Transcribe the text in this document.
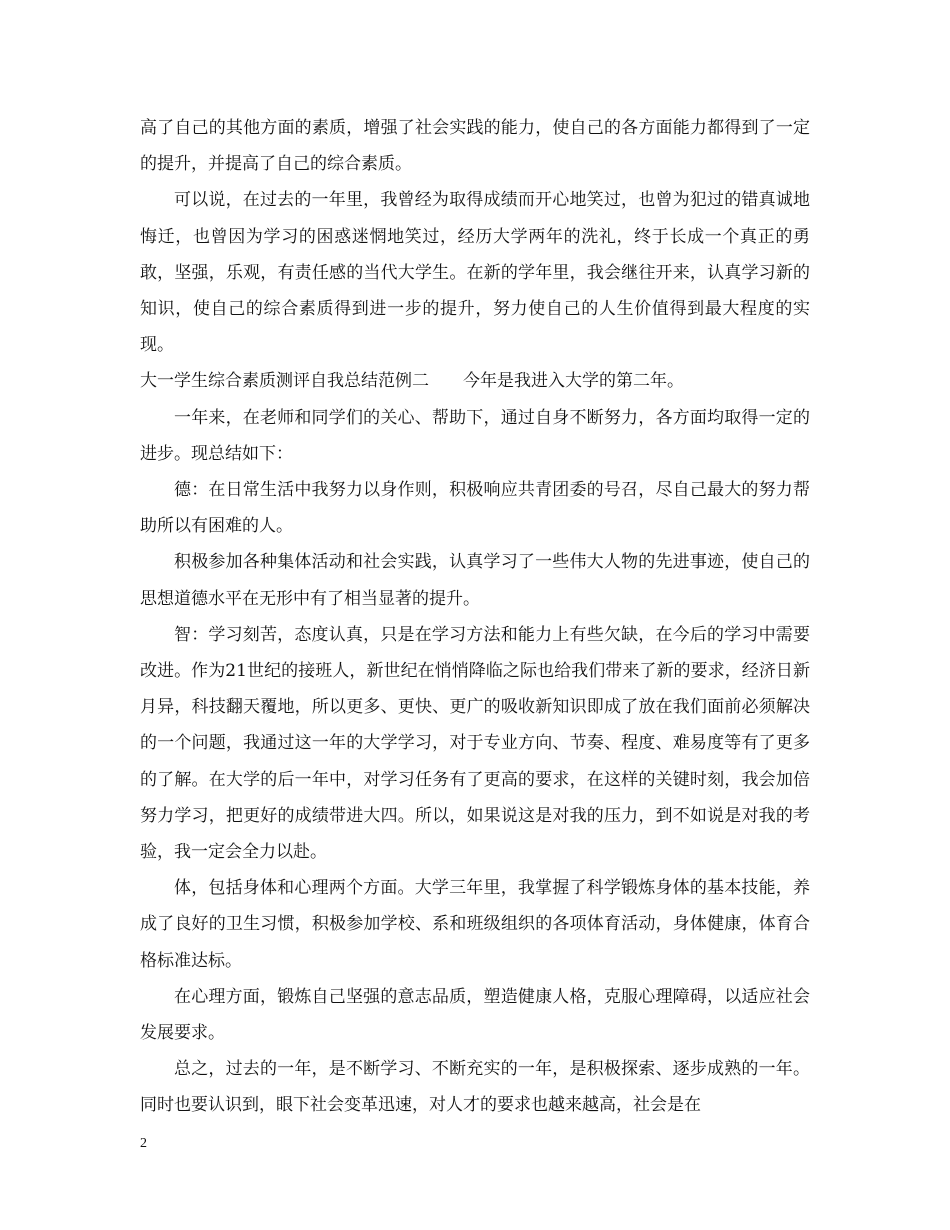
高了自己的其他方面的素质，增强了社会实践的能力，使自己的各方面能力都得到了一定的提升，并提高了自己的综合素质。

可以说，在过去的一年里，我曾经为取得成绩而开心地笑过，也曾为犯过的错真诚地悔迁，也曾因为学习的困惑迷惘地笑过，经历大学两年的洗礼，终于长成一个真正的勇敢，坚强，乐观，有责任感的当代大学生。在新的学年里，我会继往开来，认真学习新的知识，使自己的综合素质得到进一步的提升，努力使自己的人生价值得到最大程度的实现。

大一学生综合素质测评自我总结范例二　　今年是我进入大学的第二年。

一年来，在老师和同学们的关心、帮助下，通过自身不断努力，各方面均取得一定的进步。现总结如下：

德：在日常生活中我努力以身作则，积极响应共青团委的号召，尽自己最大的努力帮助所以有困难的人。

积极参加各种集体活动和社会实践，认真学习了一些伟大人物的先进事迹，使自己的思想道德水平在无形中有了相当显著的提升。

智：学习刻苦，态度认真，只是在学习方法和能力上有些欠缺，在今后的学习中需要改进。作为21世纪的接班人，新世纪在悄悄降临之际也给我们带来了新的要求，经济日新月异，科技翻天覆地，所以更多、更快、更广的吸收新知识即成了放在我们面前必须解决的一个问题，我通过这一年的大学学习，对于专业方向、节奏、程度、难易度等有了更多的了解。在大学的后一年中，对学习任务有了更高的要求，在这样的关键时刻，我会加倍努力学习，把更好的成绩带进大四。所以，如果说这是对我的压力，到不如说是对我的考验，我一定会全力以赴。

体，包括身体和心理两个方面。大学三年里，我掌握了科学锻炼身体的基本技能，养成了良好的卫生习惯，积极参加学校、系和班级组织的各项体育活动，身体健康，体育合格标准达标。

在心理方面，锻炼自己坚强的意志品质，塑造健康人格，克服心理障碍，以适应社会发展要求。

总之，过去的一年，是不断学习、不断充实的一年，是积极探索、逐步成熟的一年。同时也要认识到，眼下社会变革迅速，对人才的要求也越来越高，社会是在

2
